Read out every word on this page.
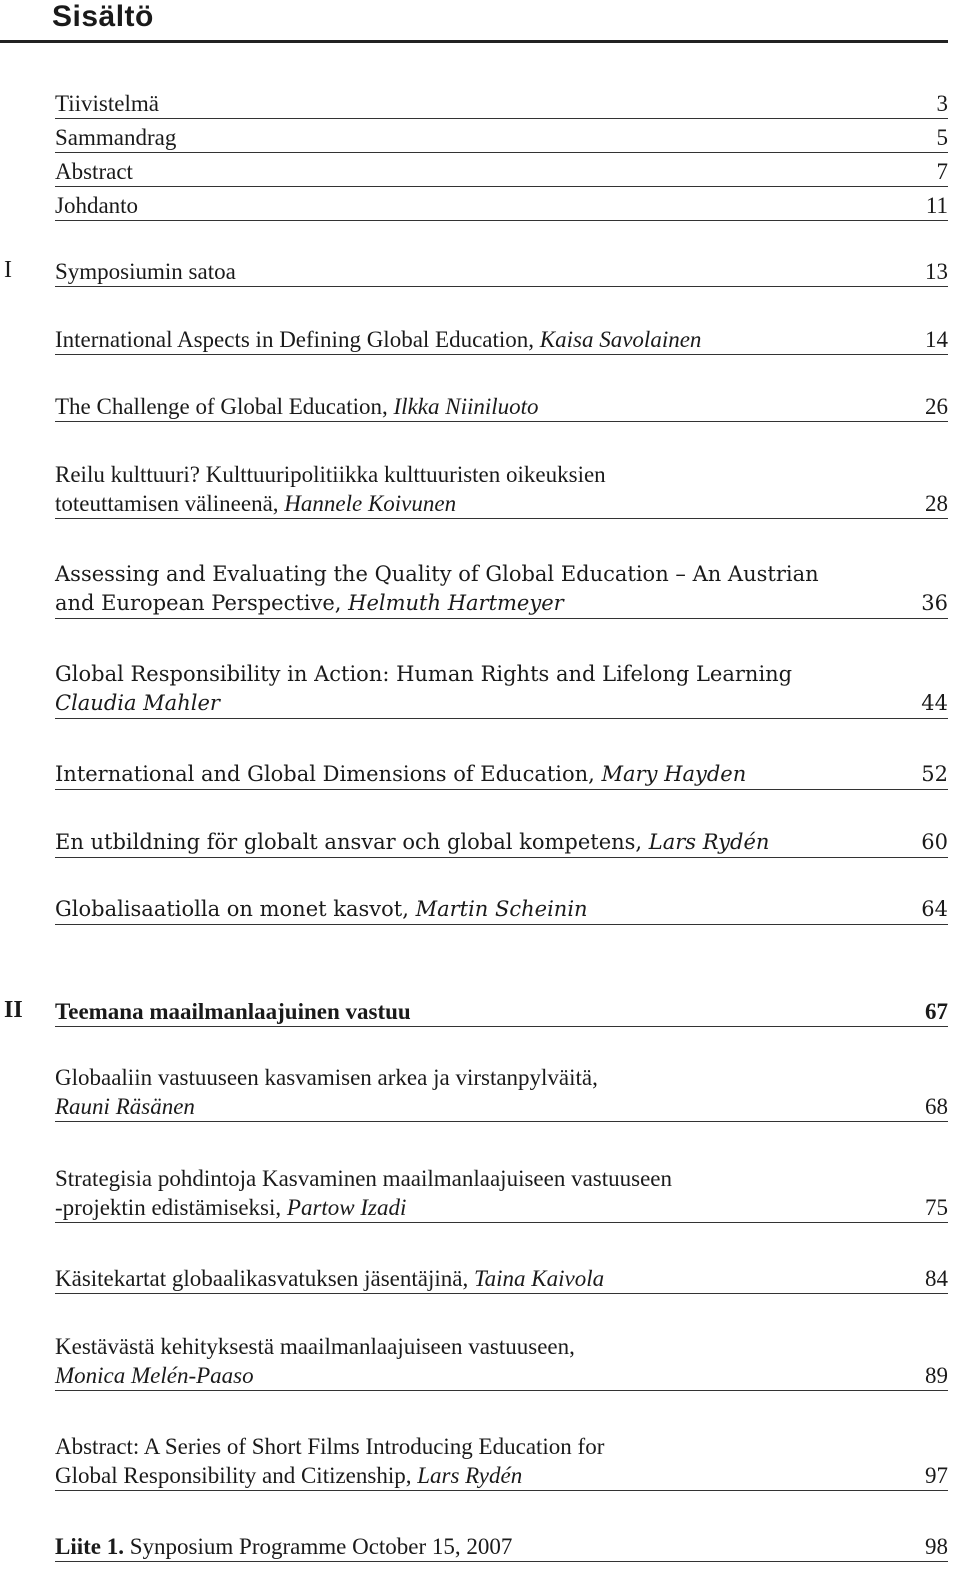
Sisältö
Tiivistelmä	3
Sammandrag	5
Abstract	7
Johdanto	11
I Symposiumin satoa	13
International Aspects in Defining Global Education, Kaisa Savolainen	14
The Challenge of Global Education, Ilkka Niiniluoto	26
Reilu kulttuuri? Kulttuuripolitiikka kulttuuristen oikeuksien
toteuttamisen välineenä, Hannele Koivunen	28
Assessing and Evaluating the Quality of Global Education – An Austrian
and European Perspective, Helmuth Hartmeyer	36
Global Responsibility in Action: Human Rights and Lifelong Learning
Claudia Mahler	44
International and Global Dimensions of Education, Mary Hayden	52
En utbildning för globalt ansvar och global kompetens, Lars Rydén	60
Globalisaatiolla on monet kasvot, Martin Scheinin	64
II Teemana maailmanlaajuinen vastuu	67
Globaaliin vastuuseen kasvamisen arkea ja virstanpylväitä,
Rauni Räsänen	68
Strategisia pohdintoja Kasvaminen maailmanlaajuiseen vastuuseen
-projektin edistämiseksi, Partow Izadi	75
Käsitekartat globaalikasvatuksen jäsentäjinä, Taina Kaivola	84
Kestävästä kehityksestä maailmanlaajuiseen vastuuseen,
Monica Melén-Paaso	89
Abstract: A Series of Short Films Introducing Education for
Global Responsibility and Citizenship, Lars Rydén	97
Liite 1. Synposium Programme October 15, 2007	98
